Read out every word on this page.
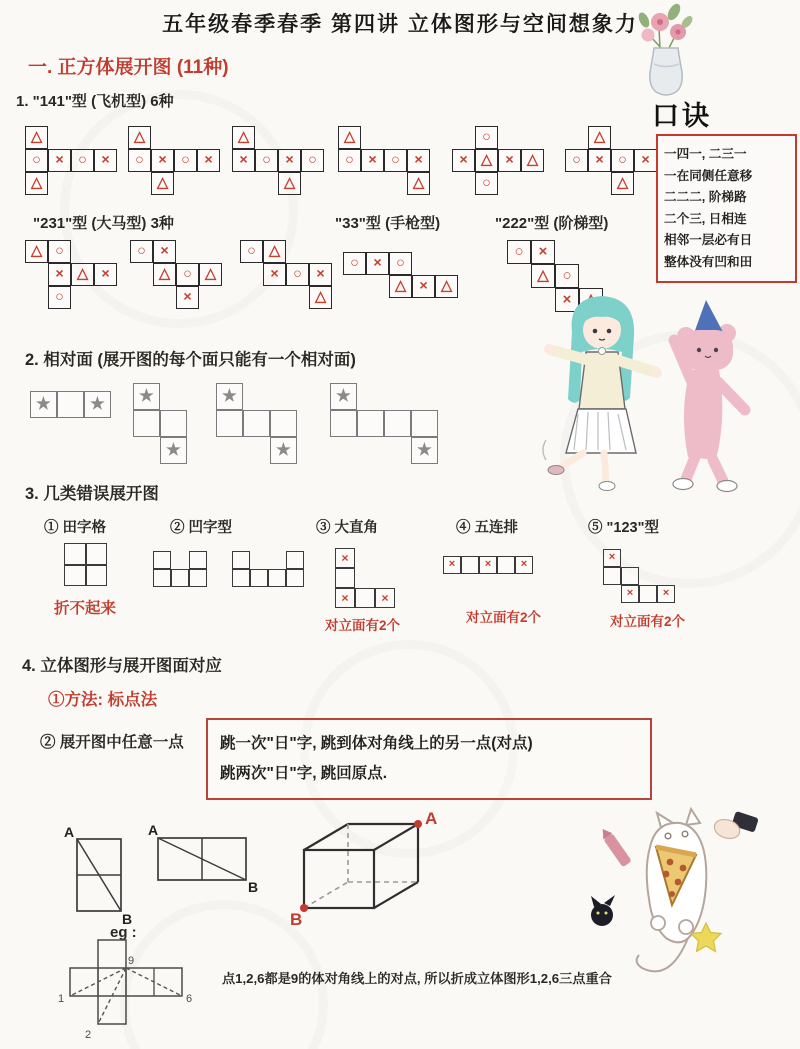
五年级春季春季 第四讲 立体图形与空间想象力
一. 正方体展开图 (11种)
1. "141"型 (飞机型) 6种
△
○	×	○	×
△
△
○	×	○	×
△
△
×	○	×	○
△
△
○	×	○	×
△
○
× △ × △
○
△
○	×	○	×
△
"231"型 (大马型) 3种	"33"型 (手枪型)	"222"型 (阶梯型)
△ ○
× △ ×
○
○	×
△ ○ △
×
○ △
×	○	×
△
○	×	○
△ × △
○	×
△ ○
×
口诀
一四一, 二三一
一在同侧任意移
二二二, 阶梯路
二个三, 日相连
相邻一层必有日
整体没有凹和田
2. 相对面 (展开图的每个面只能有一个相对面)
★	★	★
★
★
★
★
★
3. 几类错误展开图
① 田字格	② 凹字型	③ 大直角	④ 五连排	⑤ "123"型
×
×	×
×	×	×
×
×	×
折不起来
对立面有2个
对立面有2个	对立面有2个
4. 立体图形与展开图面对应
①方法: 标点法
② 展开图中任意一点 跳一次"日"字, 跳到体对角线上的另一点(对点)
跳两次"日"字, 跳回原点.
A
B
A
B
A
B
eg :
9
1
2
6
点1,2,6都是9的体对角线上的对点, 所以折成立体图形1,2,6三点重合
